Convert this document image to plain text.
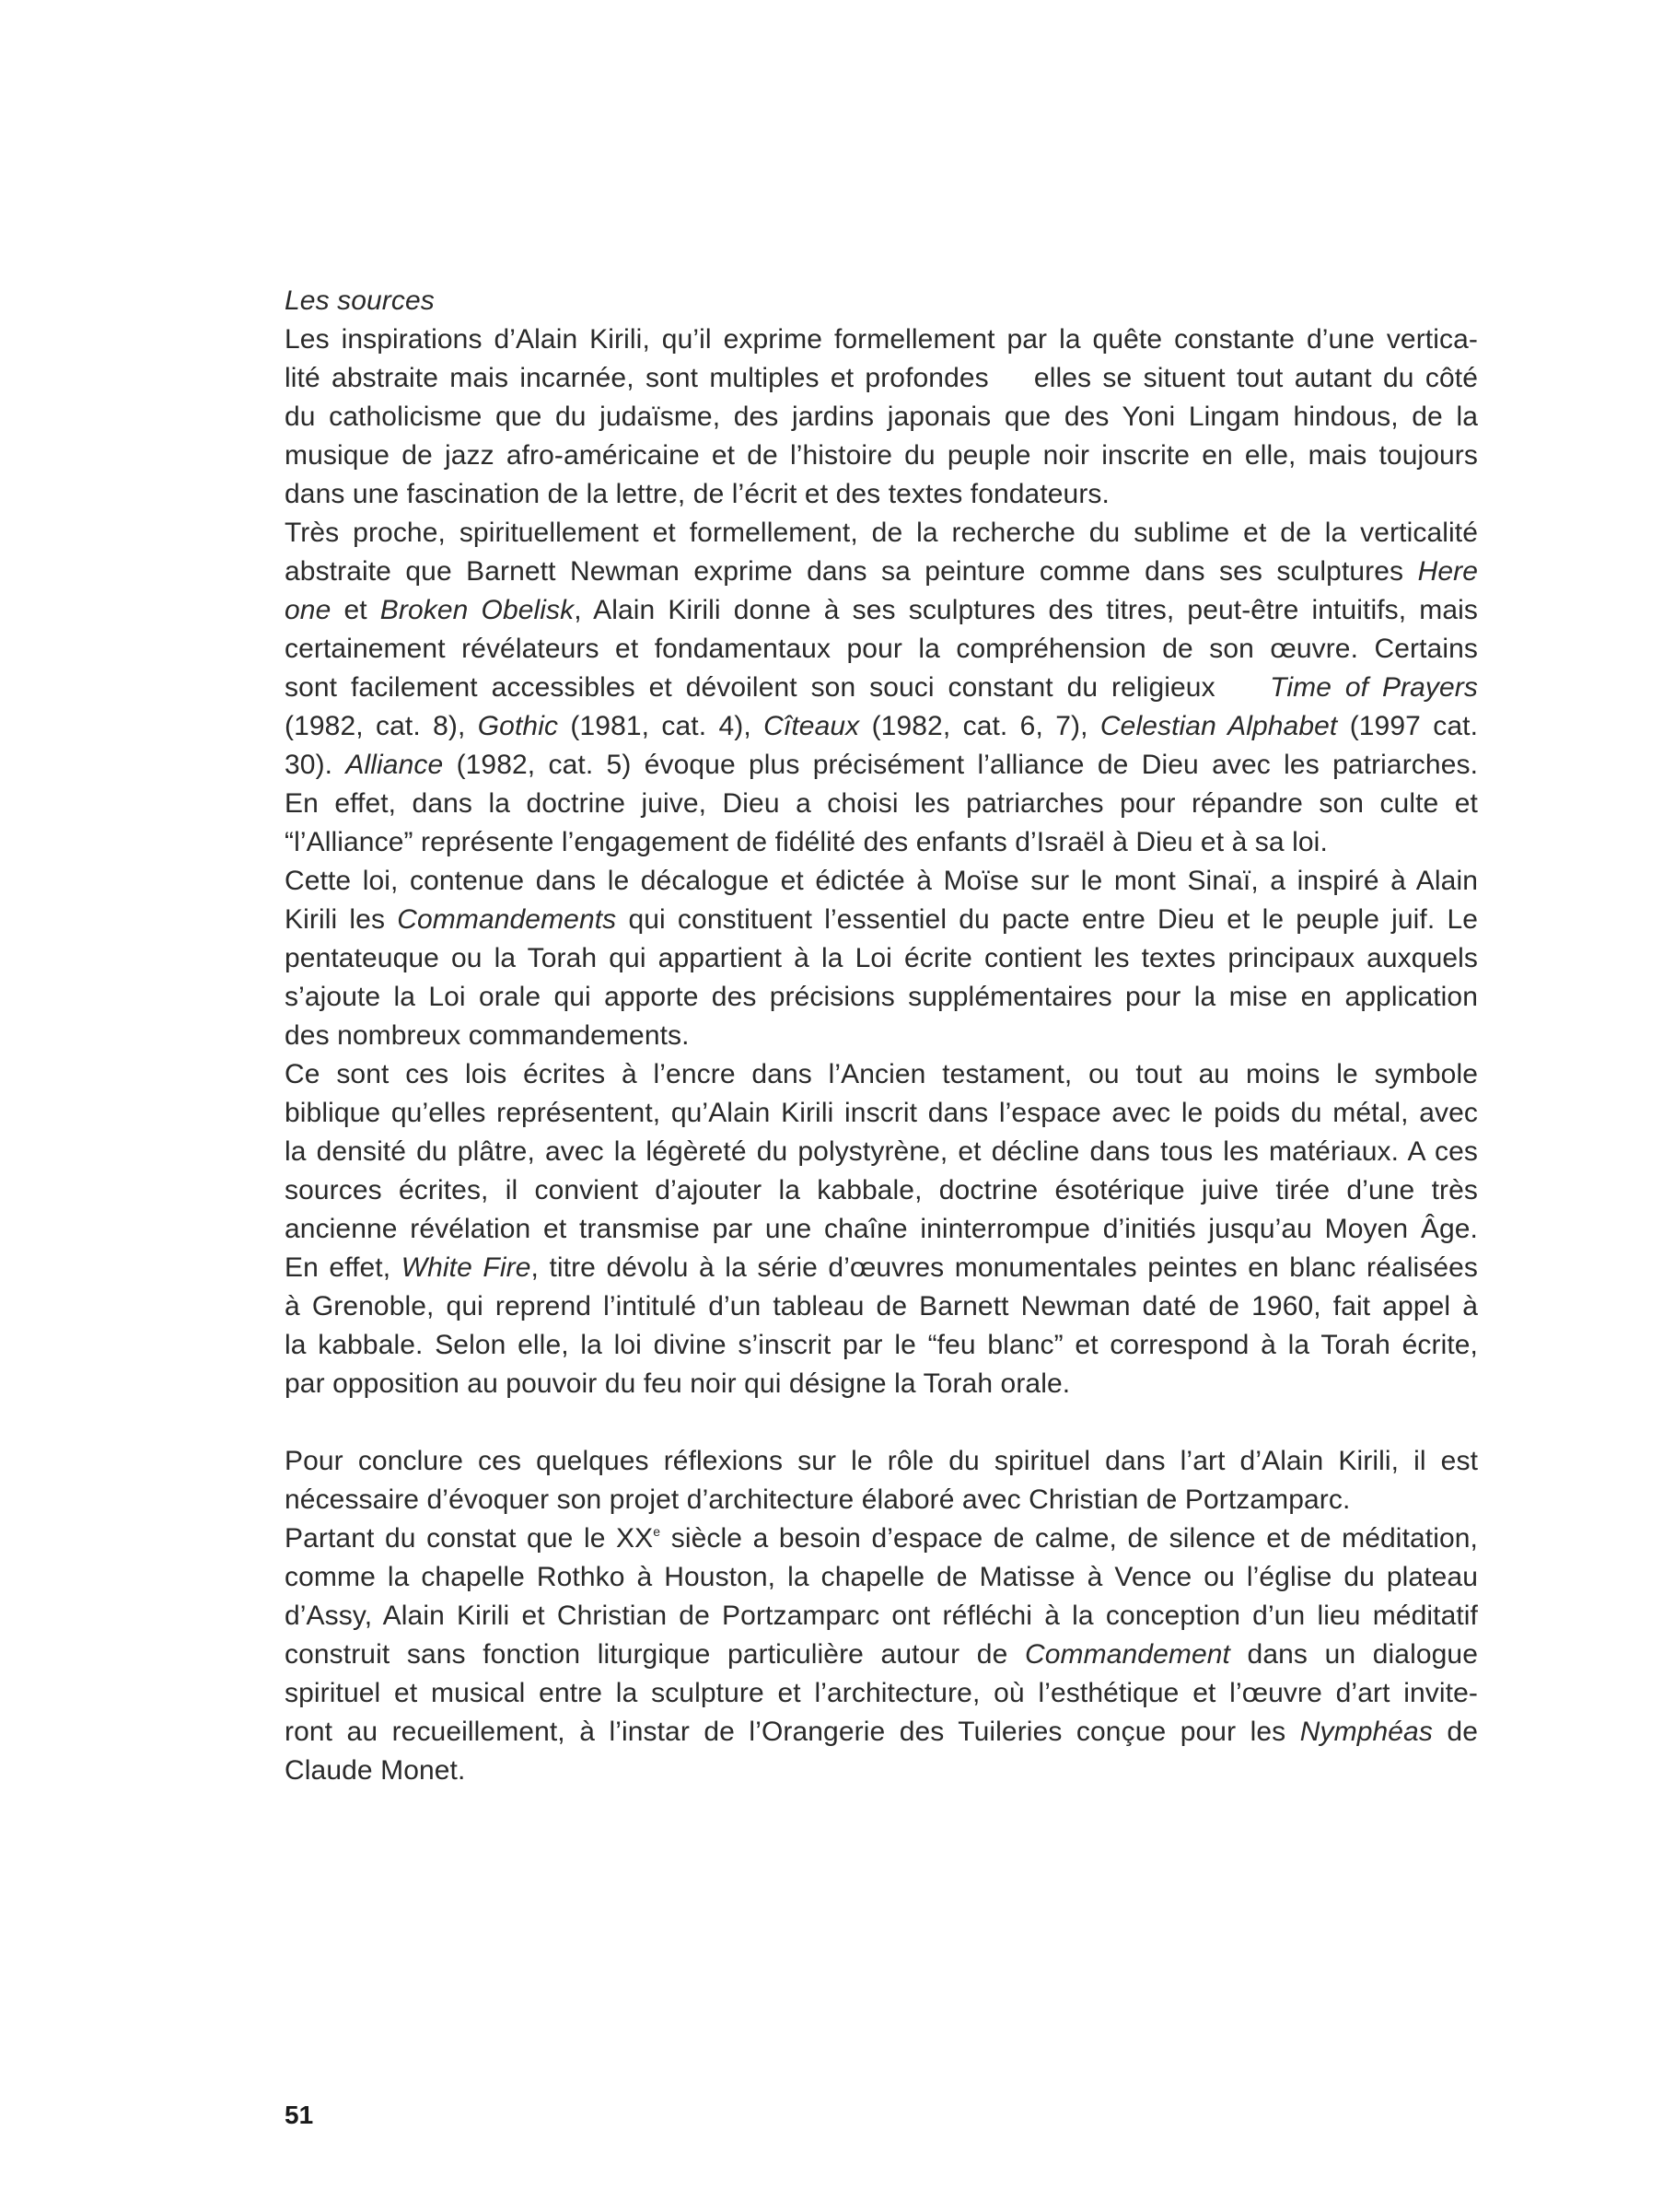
Les sources

Les inspirations d’Alain Kirili, qu’il exprime formellement par la quête constante d’une vertica-
lité abstraite mais incarnée, sont multiples et profondes    elles se situent tout autant du côté
du catholicisme que du judaïsme, des jardins japonais que des Yoni Lingam hindous, de la
musique de jazz afro-américaine et de l’histoire du peuple noir inscrite en elle, mais toujours
dans une fascination de la lettre, de l’écrit et des textes fondateurs.

Très proche, spirituellement et formellement, de la recherche du sublime et de la verticalité
abstraite que Barnett Newman exprime dans sa peinture comme dans ses sculptures Here
one et Broken Obelisk, Alain Kirili donne à ses sculptures des titres, peut-être intuitifs, mais
certainement révélateurs et fondamentaux pour la compréhension de son œuvre. Certains
sont facilement accessibles et dévoilent son souci constant du religieux    Time of Prayers
(1982, cat. 8), Gothic (1981, cat. 4), Cîteaux (1982, cat. 6, 7), Celestian Alphabet (1997 cat.
30). Alliance (1982, cat. 5) évoque plus précisément l’alliance de Dieu avec les patriarches.
En effet, dans la doctrine juive, Dieu a choisi les patriarches pour répandre son culte et
“l’Alliance” représente l’engagement de fidélité des enfants d’Israël à Dieu et à sa loi.

Cette loi, contenue dans le décalogue et édictée à Moïse sur le mont Sinaï, a inspiré à Alain
Kirili les Commandements qui constituent l’essentiel du pacte entre Dieu et le peuple juif. Le
pentateuque ou la Torah qui appartient à la Loi écrite contient les textes principaux auxquels
s’ajoute la Loi orale qui apporte des précisions supplémentaires pour la mise en application
des nombreux commandements.

Ce sont ces lois écrites à l’encre dans l’Ancien testament, ou tout au moins le symbole
biblique qu’elles représentent, qu’Alain Kirili inscrit dans l’espace avec le poids du métal, avec
la densité du plâtre, avec la légèreté du polystyrène, et décline dans tous les matériaux. A ces
sources écrites, il convient d’ajouter la kabbale, doctrine ésotérique juive tirée d’une très
ancienne révélation et transmise par une chaîne ininterrompue d’initiés jusqu’au Moyen Âge.
En effet, White Fire, titre dévolu à la série d’œuvres monumentales peintes en blanc réalisées
à Grenoble, qui reprend l’intitulé d’un tableau de Barnett Newman daté de 1960, fait appel à
la kabbale. Selon elle, la loi divine s’inscrit par le “feu blanc” et correspond à la Torah écrite,
par opposition au pouvoir du feu noir qui désigne la Torah orale.

Pour conclure ces quelques réflexions sur le rôle du spirituel dans l’art d’Alain Kirili, il est
nécessaire d’évoquer son projet d’architecture élaboré avec Christian de Portzamparc.

Partant du constat que le XXe siècle a besoin d’espace de calme, de silence et de méditation,
comme la chapelle Rothko à Houston, la chapelle de Matisse à Vence ou l’église du plateau
d’Assy, Alain Kirili et Christian de Portzamparc ont réfléchi à la conception d’un lieu méditatif
construit sans fonction liturgique particulière autour de Commandement dans un dialogue
spirituel et musical entre la sculpture et l’architecture, où l’esthétique et l’œuvre d’art invite-
ront au recueillement, à l’instar de l’Orangerie des Tuileries conçue pour les Nymphéas de
Claude Monet.

51
